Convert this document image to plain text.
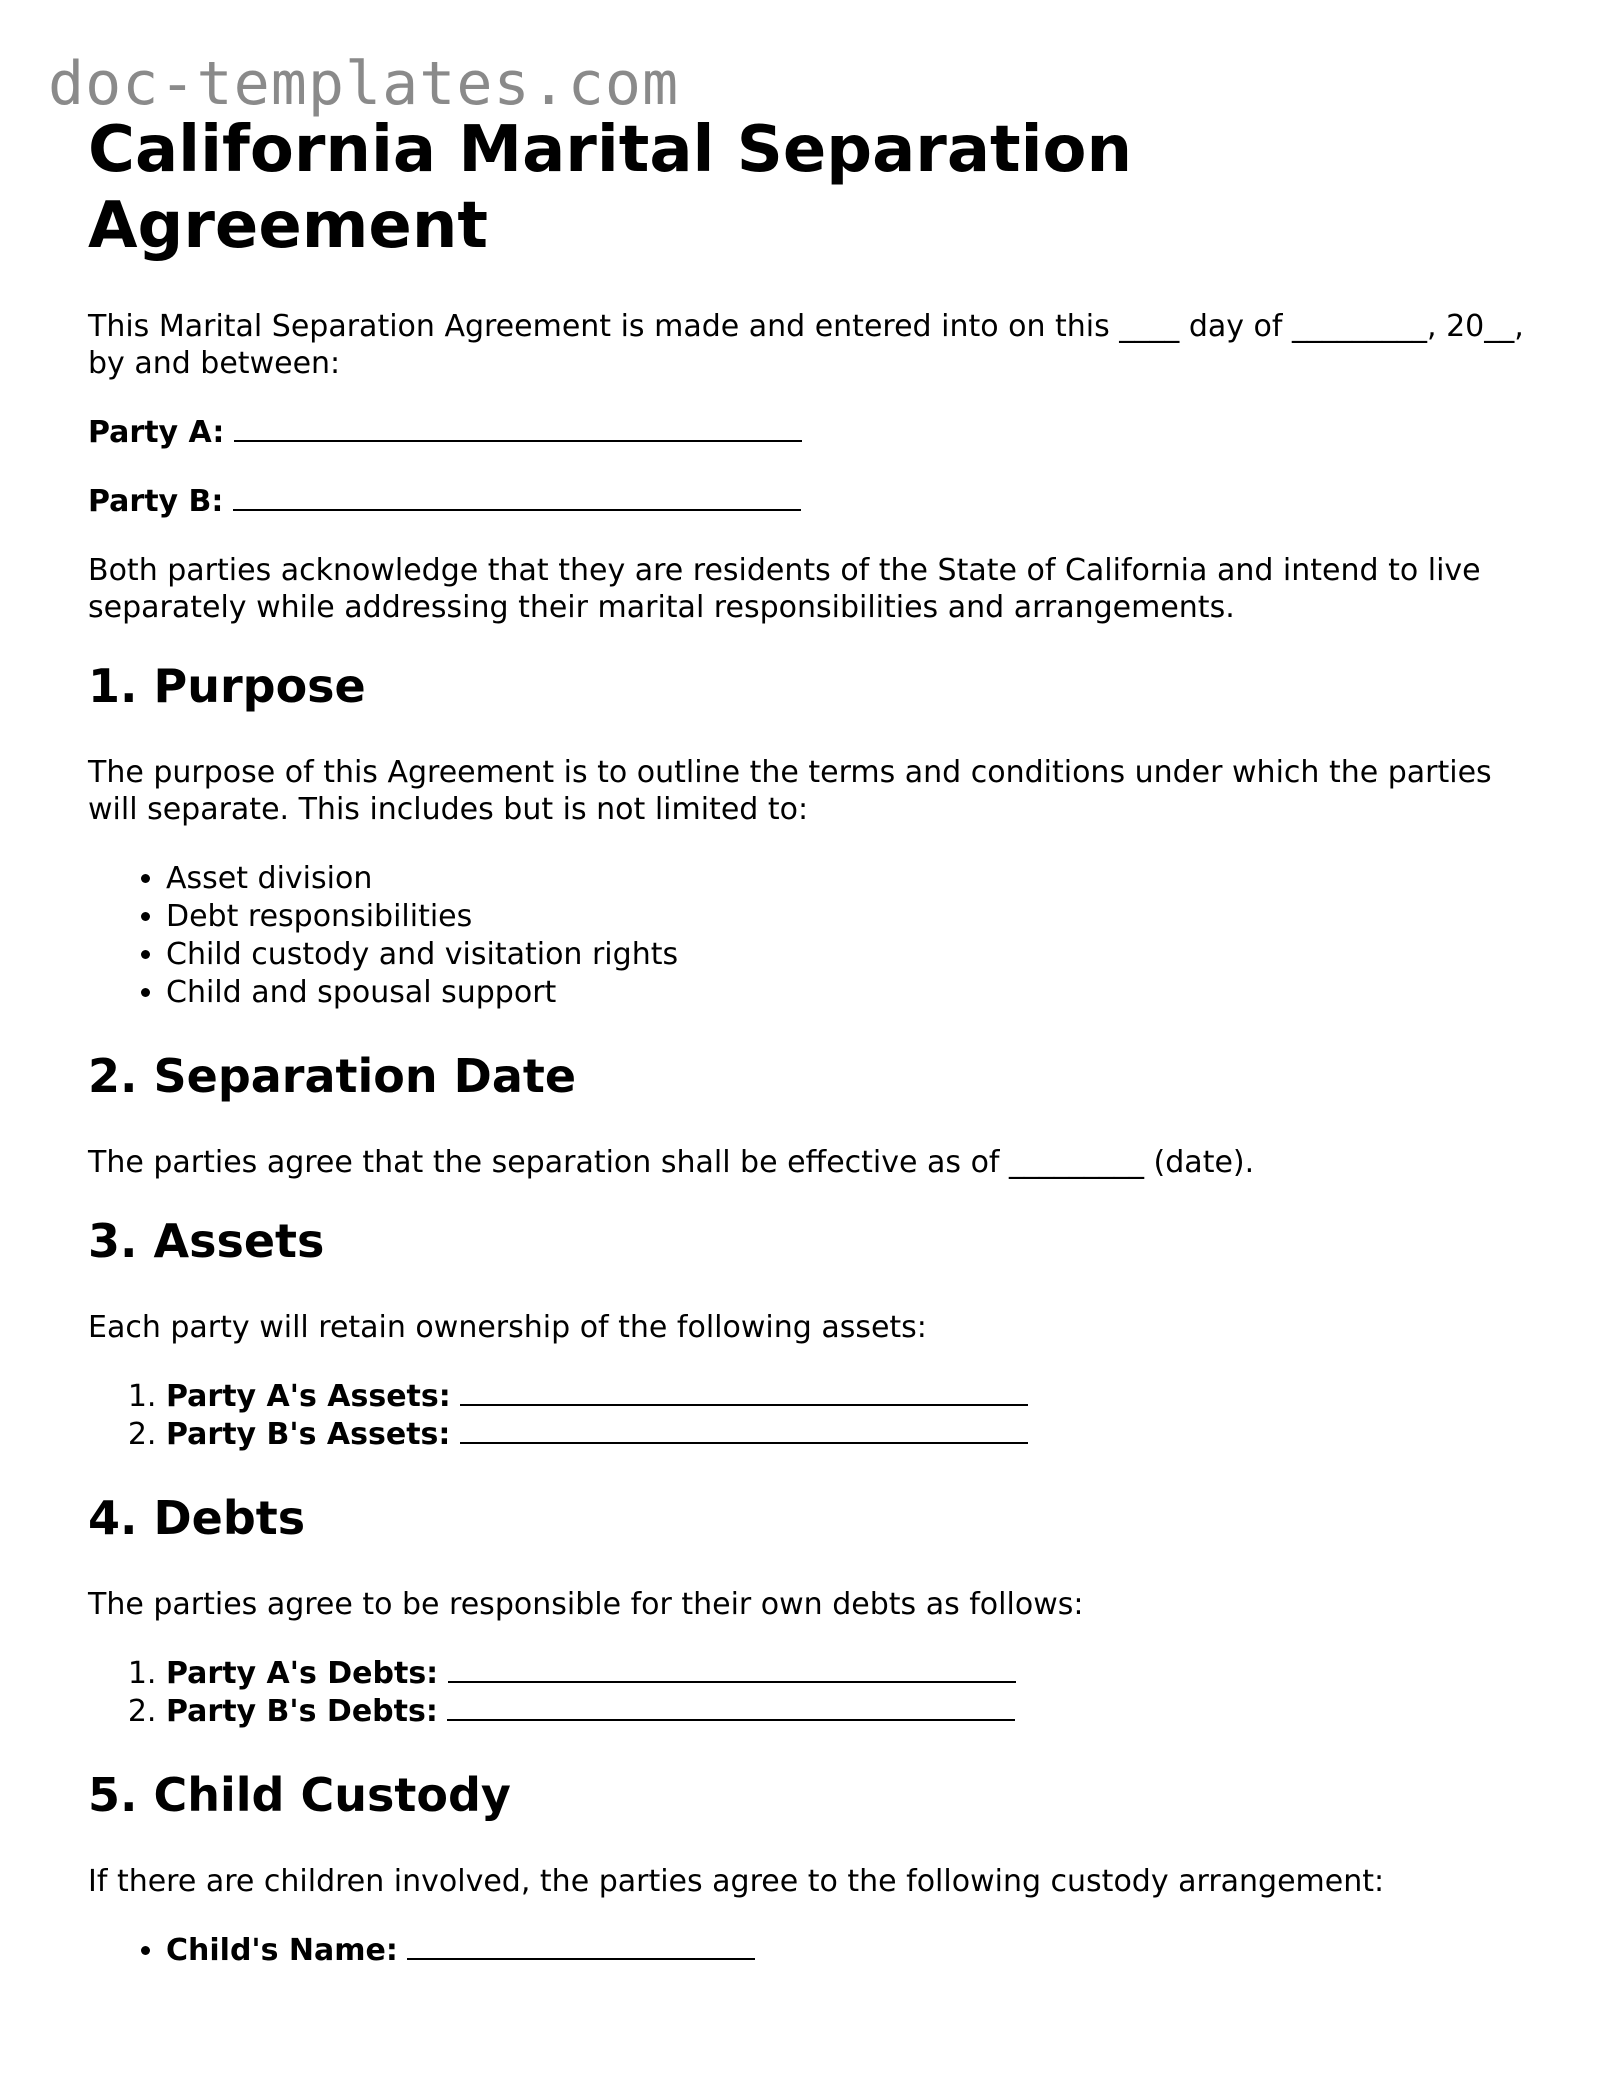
doc-templates.com
California Marital Separation Agreement

This Marital Separation Agreement is made and entered into on this ____ day of _________, 20__, by and between:

Party A:
Party B:

Both parties acknowledge that they are residents of the State of California and intend to live separately while addressing their marital responsibilities and arrangements.

1. Purpose

The purpose of this Agreement is to outline the terms and conditions under which the parties will separate. This includes but is not limited to:

• Asset division
• Debt responsibilities
• Child custody and visitation rights
• Child and spousal support
2. Separation Date

The parties agree that the separation shall be effective as of _________ (date).

3. Assets

Each party will retain ownership of the following assets:

1. Party A's Assets:
2. Party B's Assets:
4. Debts

The parties agree to be responsible for their own debts as follows:

1. Party A's Debts:
2. Party B's Debts:
5. Child Custody

If there are children involved, the parties agree to the following custody arrangement:

• Child's Name:
